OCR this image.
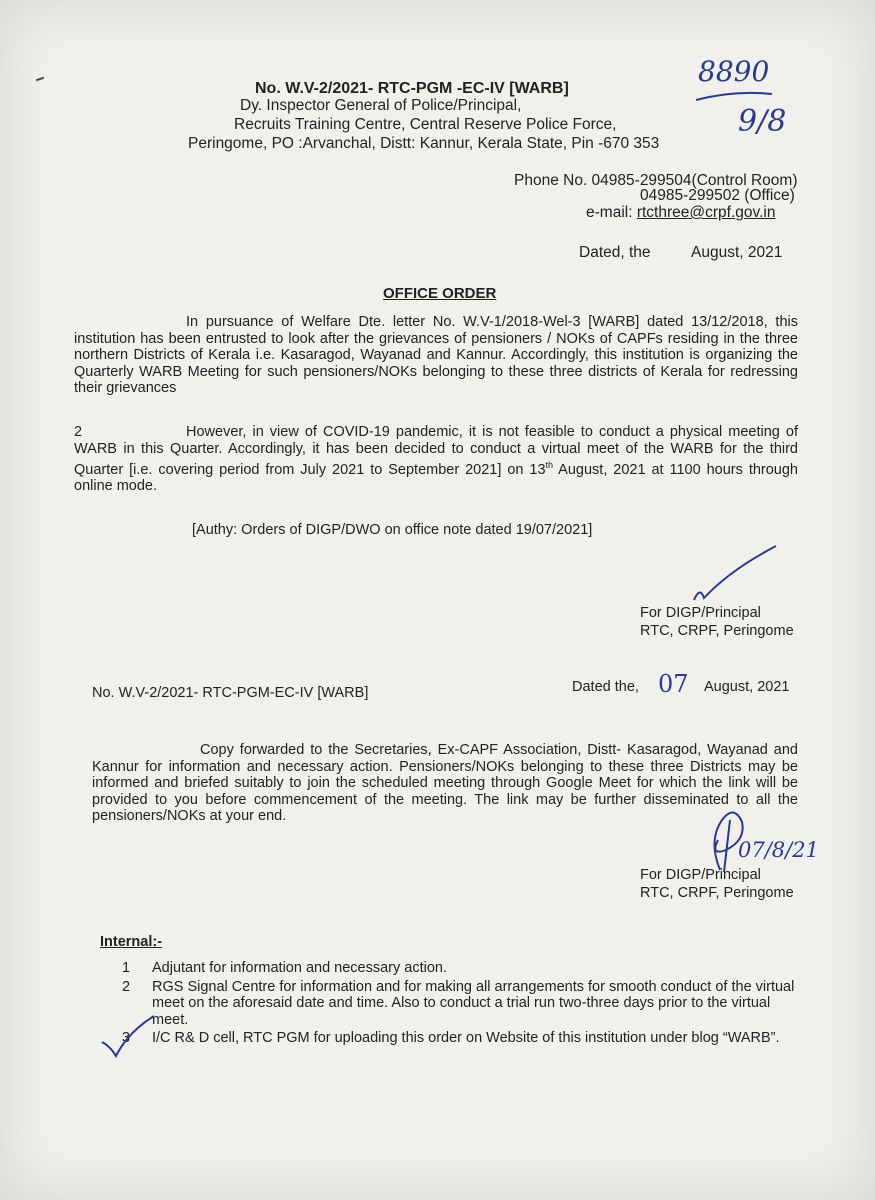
No. W.V-2/2021- RTC-PGM -EC-IV [WARB]
Dy. Inspector General of Police/Principal,
Recruits Training Centre, Central Reserve Police Force,
Peringome, PO :Arvanchal, Distt: Kannur, Kerala State, Pin -670 353
8890
9/8
Phone No. 04985-299504(Control Room)
04985-299502 (Office)
e-mail: rtcthree@crpf.gov.in
Dated, the	August, 2021
OFFICE ORDER
In pursuance of Welfare Dte. letter No. W.V-1/2018-Wel-3 [WARB] dated 13/12/2018, this institution has been entrusted to look after the grievances of pensioners / NOKs of CAPFs residing in the three northern Districts of Kerala i.e. Kasaragod, Wayanad and Kannur. Accordingly, this institution is organizing the Quarterly WARB Meeting for such pensioners/NOKs belonging to these three districts of Kerala for redressing their grievances
2	However, in view of COVID-19 pandemic, it is not feasible to conduct a physical meeting of WARB in this Quarter. Accordingly, it has been decided to conduct a virtual meet of the WARB for the third Quarter [i.e. covering period from July 2021 to September 2021] on 13th August, 2021 at 1100 hours through online mode.
[Authy: Orders of DIGP/DWO on office note dated 19/07/2021]
For DIGP/Principal
RTC, CRPF, Peringome
No. W.V-2/2021- RTC-PGM-EC-IV [WARB]	Dated the, 07 August, 2021
Copy forwarded to the Secretaries, Ex-CAPF Association, Distt- Kasaragod, Wayanad and Kannur for information and necessary action. Pensioners/NOKs belonging to these three Districts may be informed and briefed suitably to join the scheduled meeting through Google Meet for which the link will be provided to you before commencement of the meeting. The link may be further disseminated to all the pensioners/NOKs at your end.
07/8/21
For DIGP/Principal
RTC, CRPF, Peringome
Internal:-
1	Adjutant for information and necessary action.
2	RGS Signal Centre for information and for making all arrangements for smooth conduct of the virtual meet on the aforesaid date and time. Also to conduct a trial run two-three days prior to the virtual meet.
3	I/C R& D cell, RTC PGM for uploading this order on Website of this institution under blog “WARB”.
